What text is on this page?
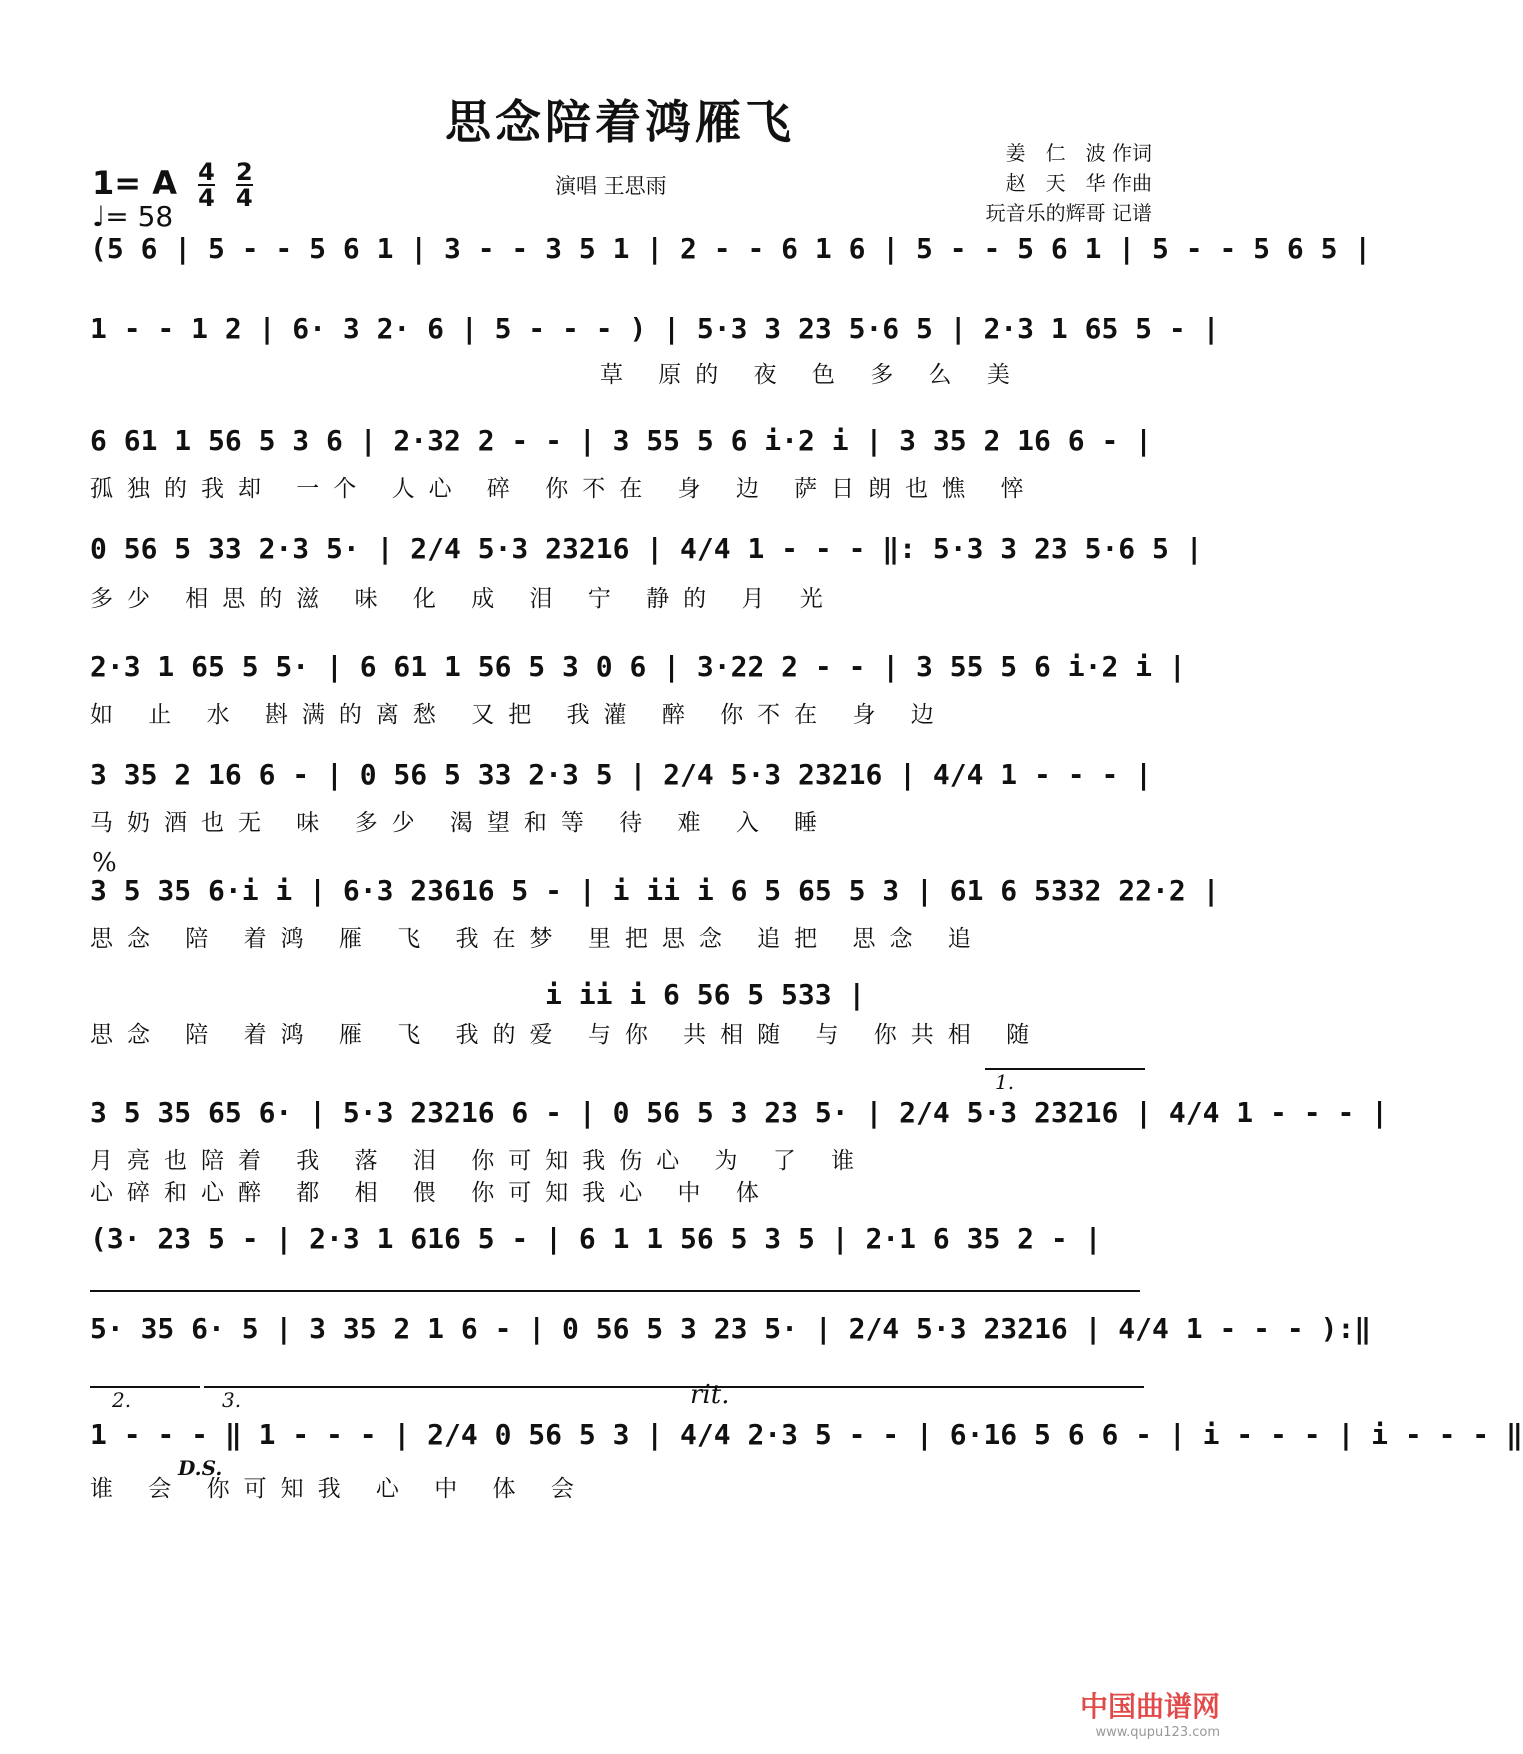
思念陪着鸿雁飞
1= A $\frac{4}{4}$
$\frac{2}{4}$
♩= 58
演唱 王思雨
姜　仁　波 作词
赵　天　华 作曲
玩音乐的辉哥 记谱
(5 6 | 5 - - 5 6 1 | 3 - - 3 5 1 | 2 - - 6 1 6 | 5 - - 5 6 1 | 5 - - 5 6 5 |
1 - - 1 2 | 6· 3 2· 6 | 5 - - - ) | 5·3 3 23 5·6 5 | 2·3 1 65 5 - |
草 原的 夜 色 多 么 美
6 61 1 56 5 3 6 | 2·32 2 - - | 3 55 5 6 i·2 i | 3 35 2 16 6 - |
孤独的我却 一个 人心 碎 你不在 身 边 萨日朗也憔 悴
0 56 5 33 2·3 5· | 2/4 5·3 23216 | 4/4 1 - - - ‖: 5·3 3 23 5·6 5 |
多少 相思的滋 味 化 成 泪 宁 静的 月 光
2·3 1 65 5 5· | 6 61 1 56 5 3 0 6 | 3·22 2 - - | 3 55 5 6 i·2 i |
如 止 水 斟满的离愁 又把 我灌 醉 你不在 身 边
3 35 2 16 6 - | 0 56 5 33 2·3 5 | 2/4 5·3 23216 | 4/4 1 - - - |
马奶酒也无 味 多少 渴望和等 待 难 入 睡
%
3 5 35 6·i i | 6·3 23616 5 - | i ii i 6 5 65 5 3 | 61 6 5332 22·2 |
思念 陪 着鸿 雁 飞 我在梦 里把思念 追把 思念 追
i ii i 6 56 5 533 |
思念 陪 着鸿 雁 飞 我的爱 与你 共相随 与 你共相 随
1.
3 5 35 65 6· | 5·3 23216 6 - | 0 56 5 3 23 5· | 2/4 5·3 23216 | 4/4 1 - - - |
月亮也陪着 我 落 泪 你可知我伤心 为 了 谁
心碎和心醉 都 相 偎 你可知我心 中 体
(3· 23 5 - | 2·3 1 616 5 - | 6 1 1 56 5 3 5 | 2·1 6 35 2 - |
5· 35 6· 5 | 3 35 2 1 6 - | 0 56 5 3 23 5· | 2/4 5·3 23216 | 4/4 1 - - - ):‖
2.	3.	rit.
1 - - - ‖ 1 - - - | 2/4 0 56 5 3 | 4/4 2·3 5 - - | 6·16 5 6 6 - | i - - - | i - - - ‖
D.S.
谁 会 你可知我 心 中 体 会
中国曲谱网
www.qupu123.com
